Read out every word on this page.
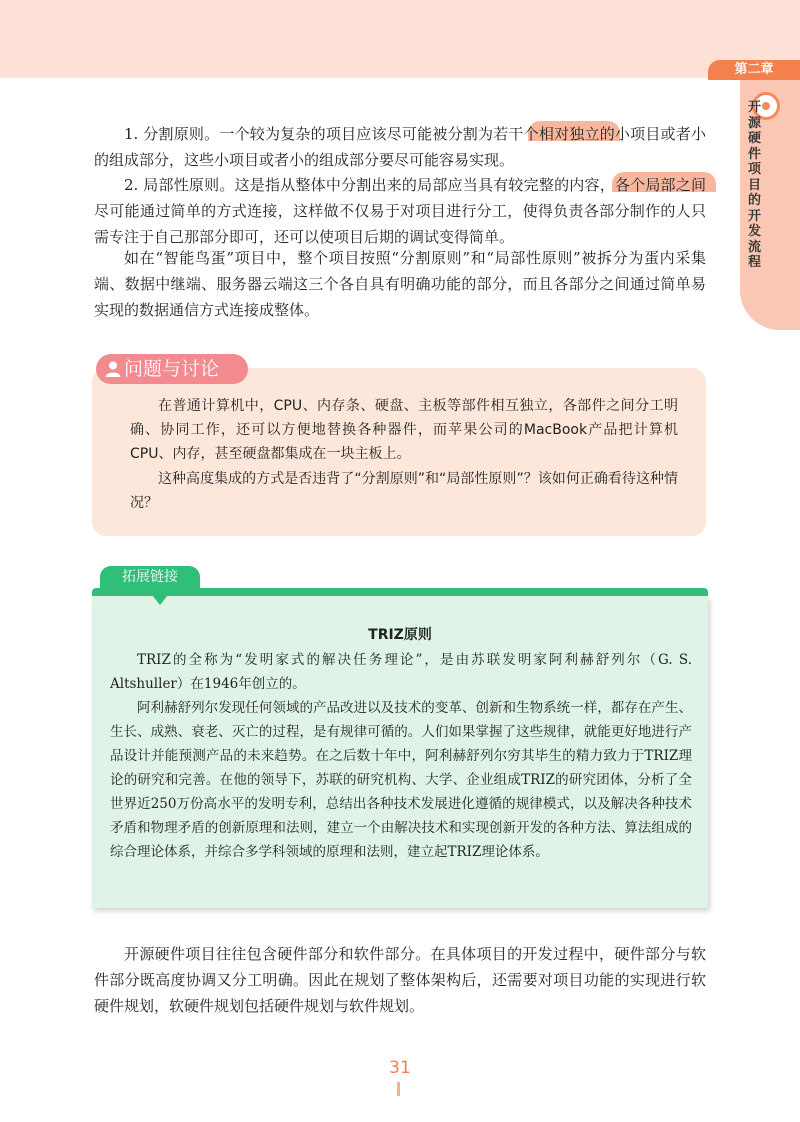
第二章
开源硬件项目的开发流程

1. 分割原则。一个较为复杂的项目应该尽可能被分割为若干个相对独立的小项目或者小的组成部分，这些小项目或者小的组成部分要尽可能容易实现。

2. 局部性原则。这是指从整体中分割出来的局部应当具有较完整的内容，各个局部之间尽可能通过简单的方式连接，这样做不仅易于对项目进行分工，使得负责各部分制作的人只需专注于自己那部分即可，还可以使项目后期的调试变得简单。

如在“智能鸟蛋”项目中，整个项目按照“分割原则”和“局部性原则”被拆分为蛋内采集端、数据中继端、服务器云端这三个各自具有明确功能的部分，而且各部分之间通过简单易实现的数据通信方式连接成整体。

问题与讨论

在普通计算机中，CPU、内存条、硬盘、主板等部件相互独立，各部件之间分工明确、协同工作，还可以方便地替换各种器件，而苹果公司的MacBook产品把计算机CPU、内存，甚至硬盘都集成在一块主板上。

这种高度集成的方式是否违背了“分割原则”和“局部性原则”？该如何正确看待这种情况？

拓展链接

TRIZ原则

TRIZ的全称为“发明家式的解决任务理论”，是由苏联发明家阿利赫舒列尔（G. S. Altshuller）在1946年创立的。

阿利赫舒列尔发现任何领域的产品改进以及技术的变革、创新和生物系统一样，都存在产生、生长、成熟、衰老、灭亡的过程，是有规律可循的。人们如果掌握了这些规律，就能更好地进行产品设计并能预测产品的未来趋势。在之后数十年中，阿利赫舒列尔穷其毕生的精力致力于TRIZ理论的研究和完善。在他的领导下，苏联的研究机构、大学、企业组成TRIZ的研究团体，分析了全世界近250万份高水平的发明专利，总结出各种技术发展进化遵循的规律模式，以及解决各种技术矛盾和物理矛盾的创新原理和法则，建立一个由解决技术和实现创新开发的各种方法、算法组成的综合理论体系，并综合多学科领域的原理和法则，建立起TRIZ理论体系。

开源硬件项目往往包含硬件部分和软件部分。在具体项目的开发过程中，硬件部分与软件部分既高度协调又分工明确。因此在规划了整体架构后，还需要对项目功能的实现进行软硬件规划，软硬件规划包括硬件规划与软件规划。

31
